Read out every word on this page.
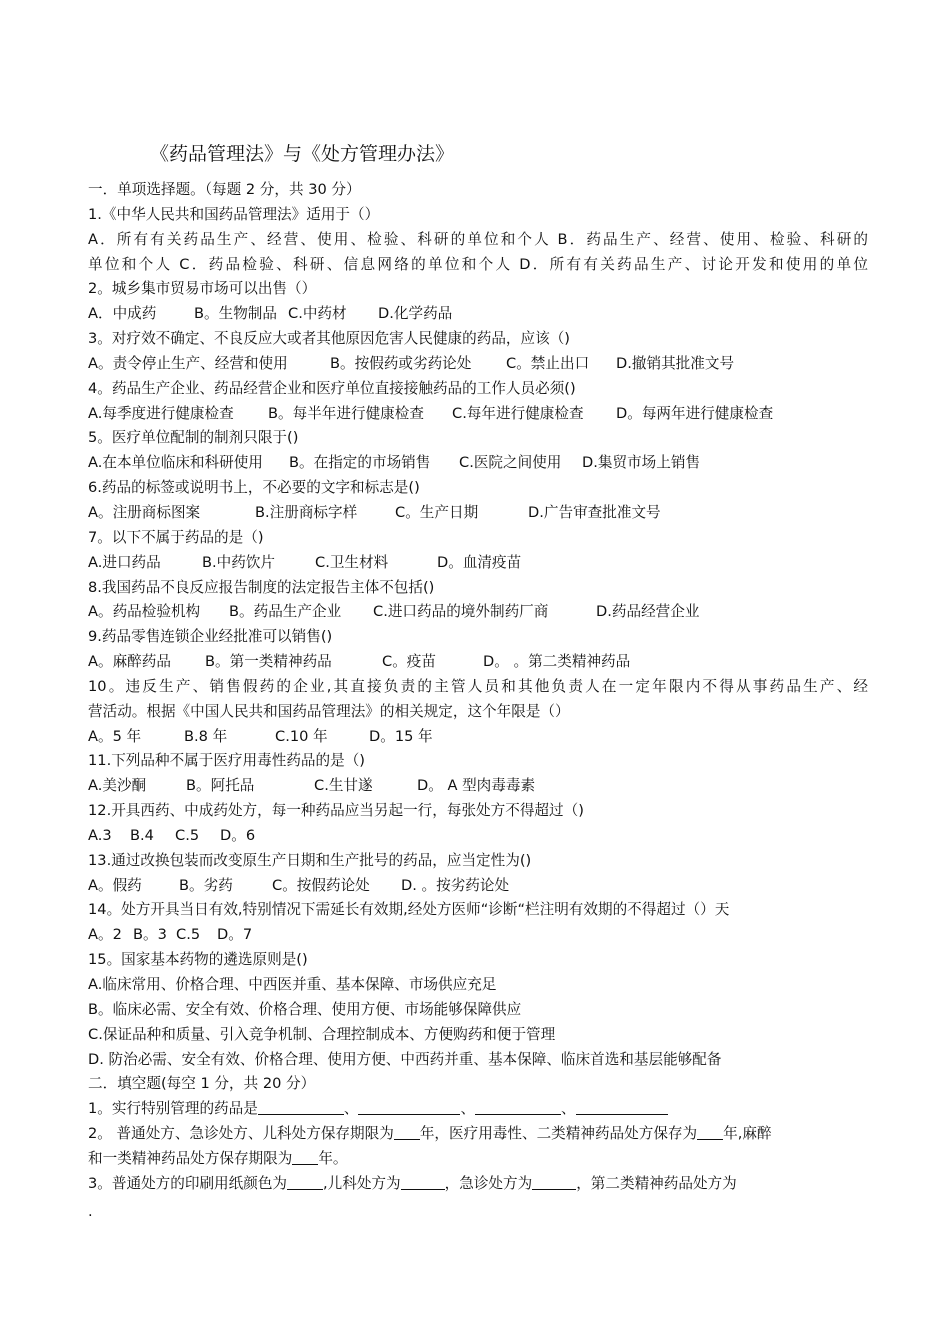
《药品管理法》与《处方管理办法》
一．单项选择题。（每题 2 分，共 30 分）
1.《中华人民共和国药品管理法》适用于（）
A．所有有关药品生产、经营、使用、检验、科研的单位和个人 B．药品生产、经营、使用、检验、科研的
单位和个人 C．药品检验、科研、信息网络的单位和个人 D．所有有关药品生产、讨论开发和使用的单位
2。城乡集市贸易市场可以出售（）
A．中成药	B。生物制品 C.中药材 D.化学药品
3。对疗效不确定、不良反应大或者其他原因危害人民健康的药品，应该（)
A。责令停止生产、经营和使用	B。按假药或劣药论处 C。禁止出口 D.撤销其批准文号
4。药品生产企业、药品经营企业和医疗单位直接接触药品的工作人员必须()
A.每季度进行健康检查 B。每半年进行健康检查 C.每年进行健康检查 D。每两年进行健康检查
5。医疗单位配制的制剂只限于()
A.在本单位临床和科研使用 B。在指定的市场销售 C.医院之间使用 D.集贸市场上销售
6.药品的标签或说明书上，不必要的文字和标志是()
A。注册商标图案	B.注册商标字样	C。生产日期	D.广告审查批准文号
7。以下不属于药品的是（)
A.进口药品	B.中药饮片	C.卫生材料	D。血清疫苗
8.我国药品不良反应报告制度的法定报告主体不包括()
A。药品检验机构 B。药品生产企业 C.进口药品的境外制药厂商	D.药品经营企业
9.药品零售连锁企业经批准可以销售()
A。麻醉药品 B。第一类精神药品	C。疫苗	D。 。第二类精神药品
10。违反生产、销售假药的企业,其直接负责的主管人员和其他负责人在一定年限内不得从事药品生产、经
营活动。根据《中国人民共和国药品管理法》的相关规定，这个年限是（）
A。5 年	B.8 年	C.10 年	D。15 年
11.下列品种不属于医疗用毒性药品的是（)
A.美沙酮	B。阿托品	C.生甘遂	D。 A 型肉毒毒素
12.开具西药、中成药处方，每一种药品应当另起一行，每张处方不得超过（)
A.3 B.4 C.5 D。6
13.通过改换包装而改变原生产日期和生产批号的药品，应当定性为()
A。假药	B。劣药	C。按假药论处 D. 。按劣药论处
14。处方开具当日有效,特别情况下需延长有效期,经处方医师“诊断“栏注明有效期的不得超过（）天
A。2 B。3 C.5 D。7
15。国家基本药物的遴选原则是()
A.临床常用、价格合理、中西医并重、基本保障、市场供应充足
B。临床必需、安全有效、价格合理、使用方便、市场能够保障供应
C.保证品种和质量、引入竞争机制、合理控制成本、方便购药和便于管理
D. 防治必需、安全有效、价格合理、使用方便、中西药并重、基本保障、临床首选和基层能够配备
二．填空题(每空 1 分，共 20 分）
1。实行特别管理的药品是	、	、	、
2。 普通处方、急诊处方、儿科处方保存期限为 年，医疗用毒性、二类精神药品处方保存为 年,麻醉
和一类精神药品处方保存期限为 年。
3。普通处方的印刷用纸颜色为 ,儿科处方为	，急诊处方为	，第二类精神药品处方为
.
